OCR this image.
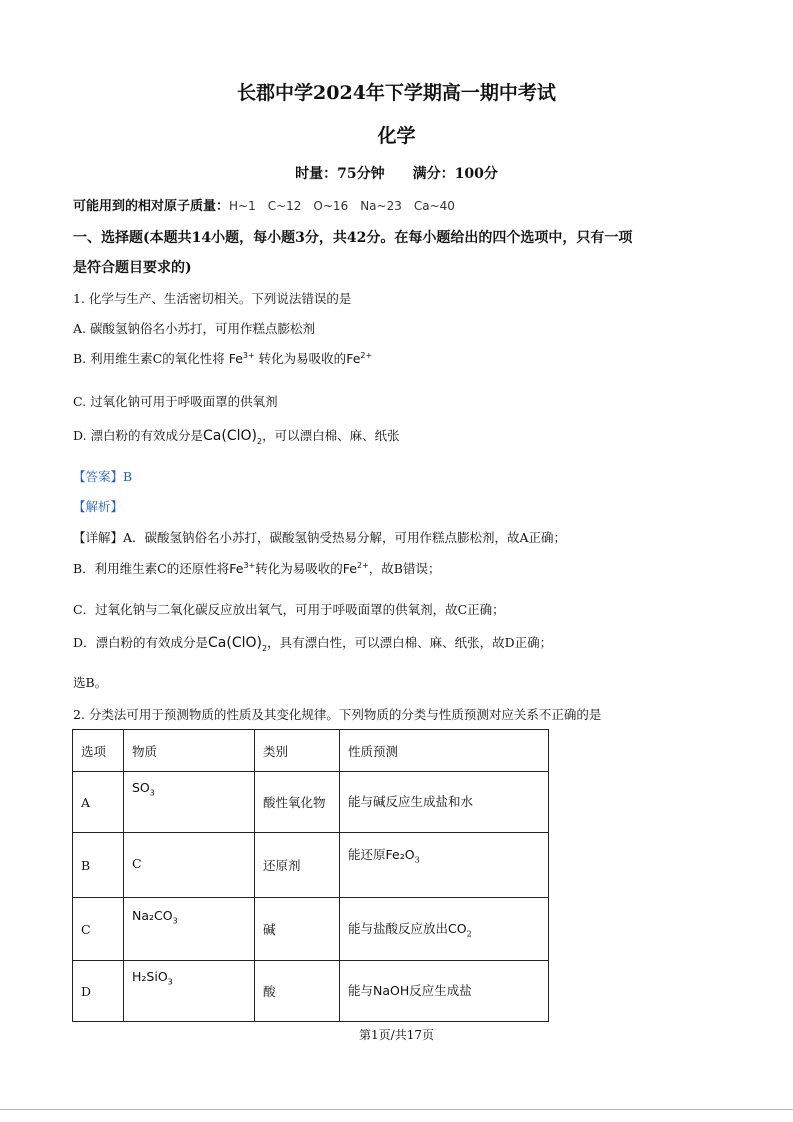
长郡中学2024年下学期高一期中考试
化学
时量：75分钟　　满分：100分
可能用到的相对原子质量：H~1　C~12　O~16　Na~23　Ca~40
一、选择题(本题共14小题，每小题3分，共42分。在每小题给出的四个选项中，只有一项
是符合题目要求的)
1. 化学与生产、生活密切相关。下列说法错误的是
A. 碳酸氢钠俗名小苏打，可用作糕点膨松剂
B. 利用维生素C的氧化性将 $Fe^{3+}$ 转化为易吸收的$Fe^{2+}$
C. 过氧化钠可用于呼吸面罩的供氧剂
D. 漂白粉的有效成分是$Ca(ClO)_2$，可以漂白棉、麻、纸张
【答案】B
【解析】
【详解】A．碳酸氢钠俗名小苏打，碳酸氢钠受热易分解，可用作糕点膨松剂，故A正确；
B．利用维生素C的还原性将$Fe^{3+}$转化为易吸收的$Fe^{2+}$，故B错误；
C．过氧化钠与二氧化碳反应放出氧气，可用于呼吸面罩的供氧剂，故C正确；
D．漂白粉的有效成分是$Ca(ClO)_2$，具有漂白性，可以漂白棉、麻、纸张，故D正确；
选B。
2. 分类法可用于预测物质的性质及其变化规律。下列物质的分类与性质预测对应关系不正确的是
选项	物质	类别	性质预测
A	$SO_3$	酸性氧化物	能与碱反应生成盐和水
B	C	还原剂	能还原$Fe_2O_3$
C	$Na_2CO_3$	碱	能与盐酸反应放出$CO_2$
D	H₂SiO$_3$	酸	能与NaOH反应生成盐
第1页/共17页
